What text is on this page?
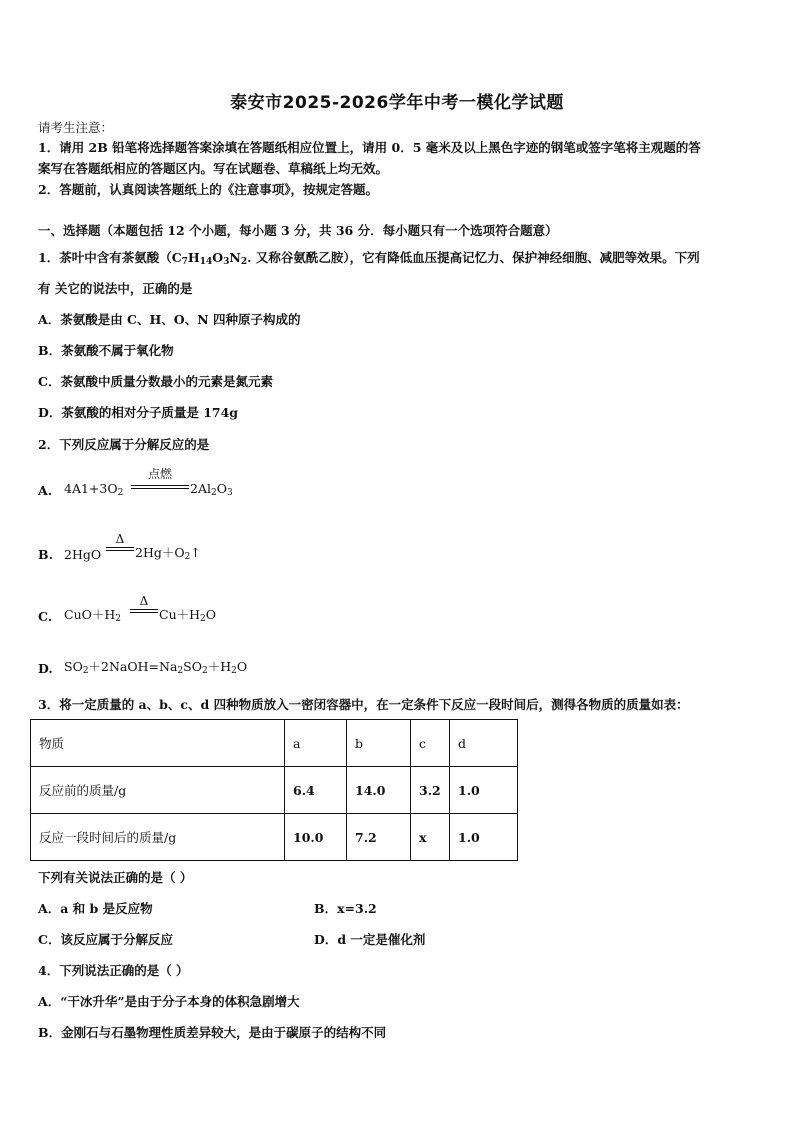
泰安市2025-2026学年中考一模化学试题
请考生注意：
1．请用 2B 铅笔将选择题答案涂填在答题纸相应位置上，请用 0．5 毫米及以上黑色字迹的钢笔或签字笔将主观题的答
案写在答题纸相应的答题区内。写在试题卷、草稿纸上均无效。
2．答题前，认真阅读答题纸上的《注意事项》，按规定答题。
一、选择题（本题包括 12 个小题，每小题 3 分，共 36 分．每小题只有一个选项符合题意）
1．茶叶中含有茶氨酸（$C_7H_{14}O_3N_2$. 又称谷氨酰乙胺），它有降低血压提高记忆力、保护神经细胞、减肥等效果。下列
有 关它的说法中，正确的是
A．茶氨酸是由 C、H、O、N 四种原子构成的
B．茶氨酸不属于氧化物
C．茶氨酸中质量分数最小的元素是氮元素
D．茶氨酸的相对分子质量是 174g
2．下列反应属于分解反应的是
A. $4A1+3O_2$
点燃
$2Al_2O_3$
B. 2HgO
Δ
$2Hg+O_2↑$
C. $CuO+H_2$
Δ
$Cu+H_2O$
D. $SO_2+2NaOH=Na_2SO_2+H_2O$
3．将一定质量的 a、b、c、d 四种物质放入一密闭容器中，在一定条件下反应一段时间后，测得各物质的质量如表：
物质	a	b	c	d
反应前的质量/g	6.4	14.0	3.2	1.0
反应一段时间后的质量/g	10.0	7.2	x	1.0
下列有关说法正确的是（ ）
A．a 和 b 是反应物	B．x=3.2
C．该反应属于分解反应	D．d 一定是催化剂
4．下列说法正确的是（ ）
A．“干冰升华”是由于分子本身的体积急剧增大
B．金刚石与石墨物理性质差异较大，是由于碳原子的结构不同
